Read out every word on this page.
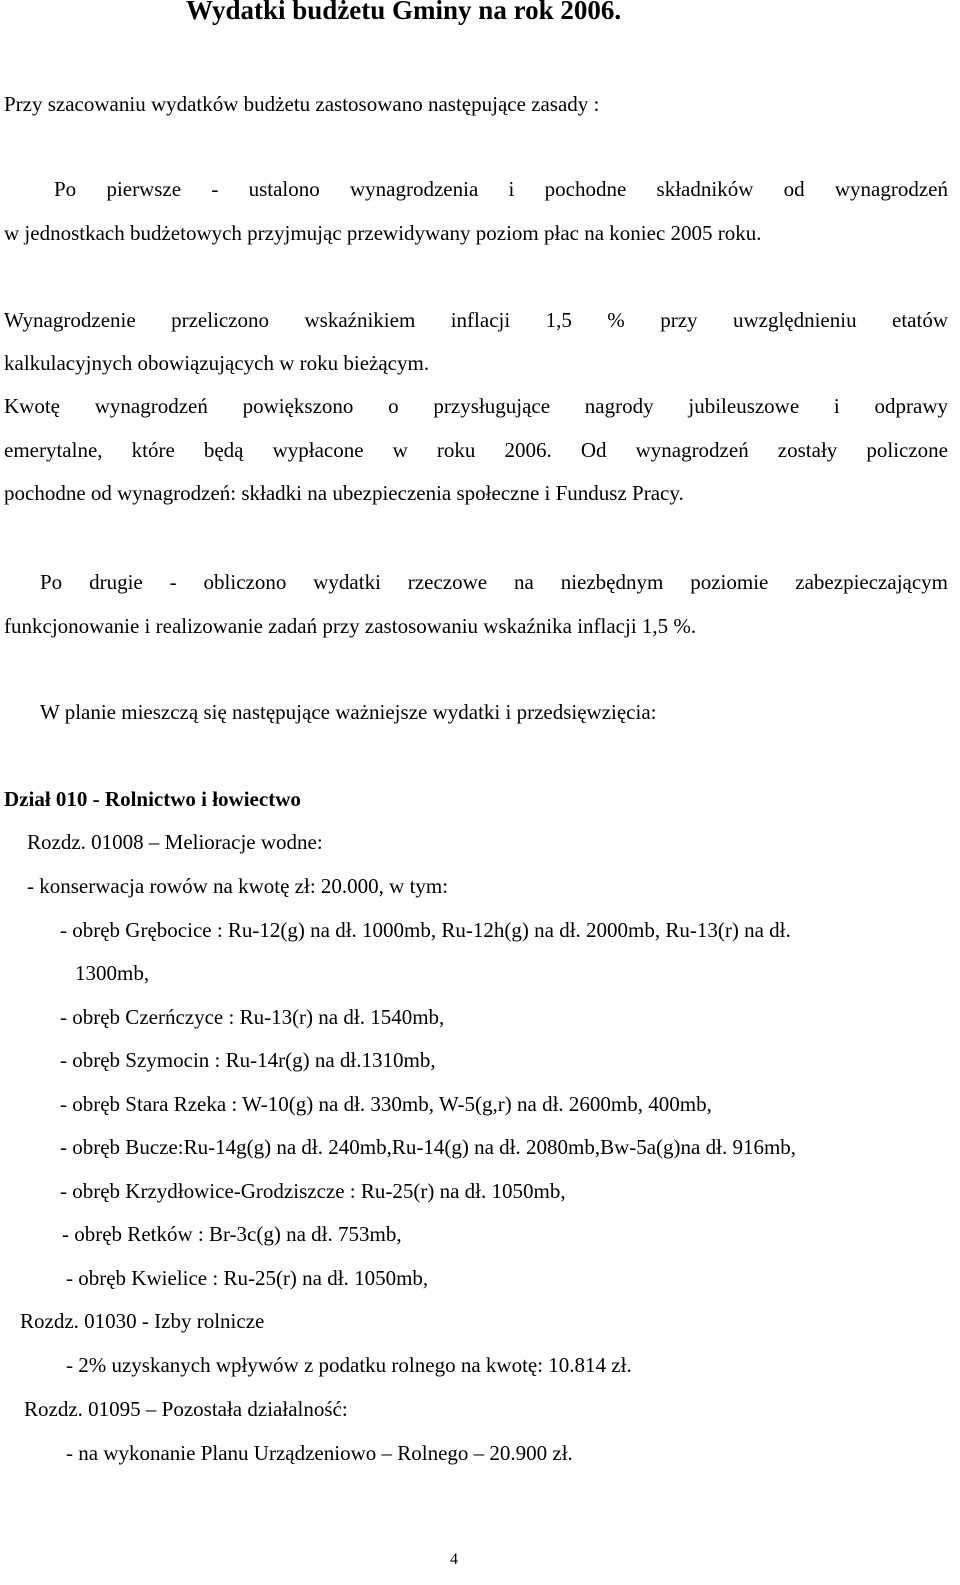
Wydatki budżetu Gminy na rok 2006.

Przy szacowaniu wydatków budżetu zastosowano następujące zasady :

Po pierwsze - ustalono wynagrodzenia i pochodne składników od wynagrodzeń

w jednostkach budżetowych przyjmując przewidywany poziom płac na koniec 2005 roku.

Wynagrodzenie przeliczono wskaźnikiem inflacji 1,5 % przy uwzględnieniu etatów

kalkulacyjnych obowiązujących w roku bieżącym.

Kwotę wynagrodzeń powiększono o przysługujące nagrody jubileuszowe i odprawy

emerytalne, które będą wypłacone w roku 2006. Od wynagrodzeń zostały policzone

pochodne od wynagrodzeń: składki na ubezpieczenia społeczne i Fundusz Pracy.

Po drugie - obliczono wydatki rzeczowe na niezbędnym poziomie zabezpieczającym

funkcjonowanie i realizowanie zadań przy zastosowaniu wskaźnika inflacji 1,5 %.

W planie mieszczą się następujące ważniejsze wydatki i przedsięwzięcia:

Dział 010 - Rolnictwo i łowiectwo

Rozdz. 01008 – Melioracje wodne:

- konserwacja rowów na kwotę zł: 20.000, w tym:

- obręb Grębocice : Ru-12(g) na dł. 1000mb, Ru-12h(g) na dł. 2000mb, Ru-13(r) na dł.

1300mb,

- obręb Czerńczyce : Ru-13(r) na dł. 1540mb,

- obręb Szymocin : Ru-14r(g) na dł.1310mb,

- obręb Stara Rzeka : W-10(g) na dł. 330mb, W-5(g,r) na dł. 2600mb, 400mb,

- obręb Bucze:Ru-14g(g) na dł. 240mb,Ru-14(g) na dł. 2080mb,Bw-5a(g)na dł. 916mb,

- obręb Krzydłowice-Grodziszcze : Ru-25(r) na dł. 1050mb,

- obręb Retków : Br-3c(g) na dł. 753mb,

- obręb Kwielice : Ru-25(r) na dł. 1050mb,

Rozdz. 01030 - Izby rolnicze

- 2% uzyskanych wpływów z podatku rolnego na kwotę: 10.814 zł.

Rozdz. 01095 – Pozostała działalność:

- na wykonanie Planu Urządzeniowo – Rolnego – 20.900 zł.

4
